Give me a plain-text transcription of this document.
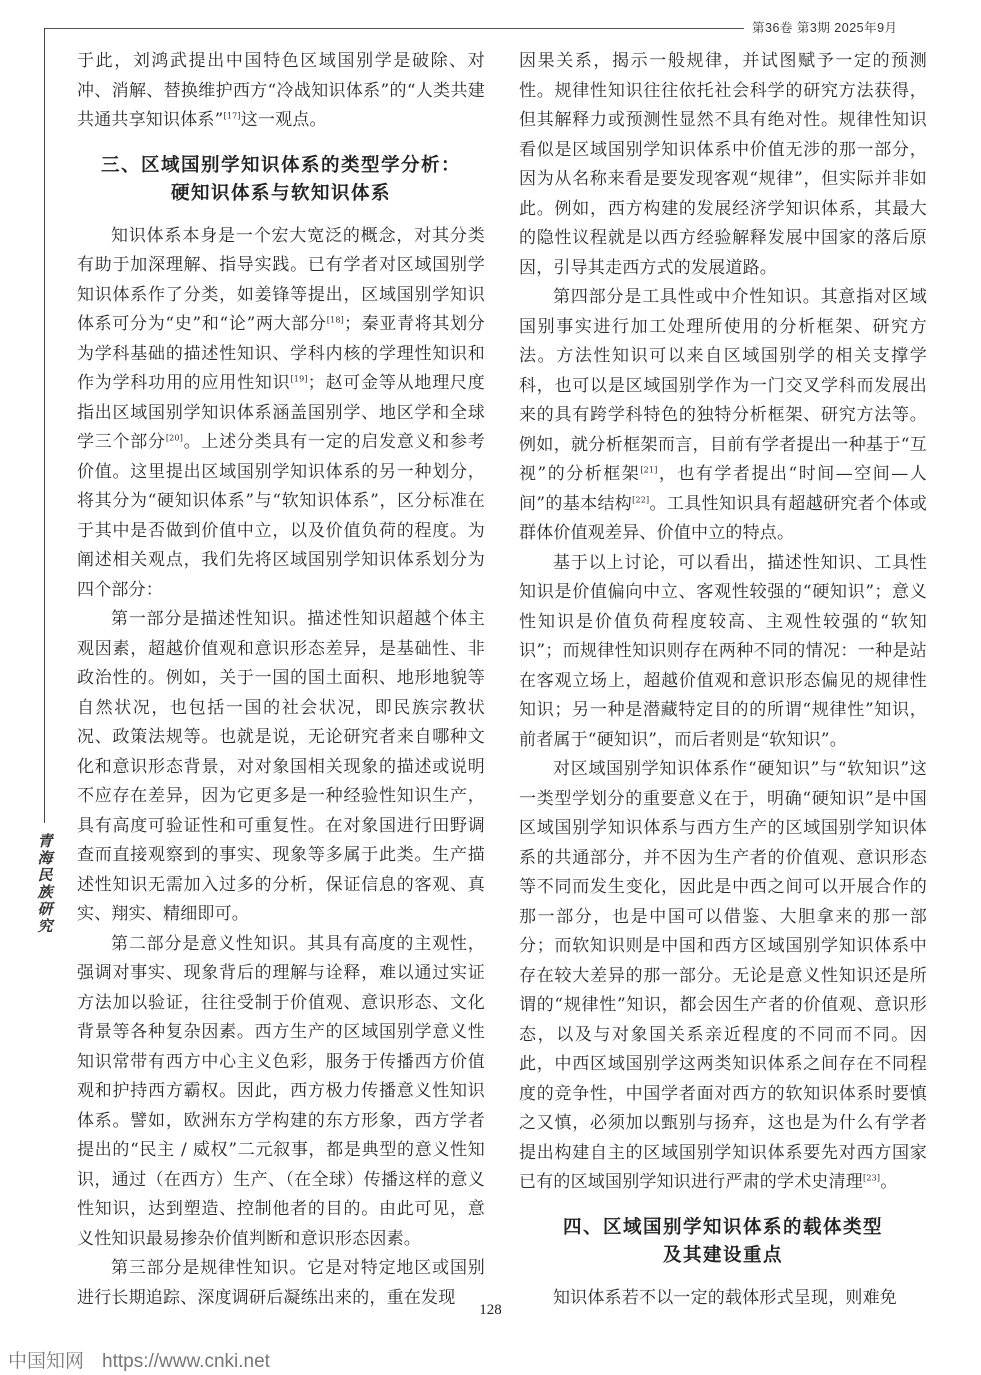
第36卷 第3期 2025年9月
青
海
民
族
研
究

于此，刘鸿武提出中国特色区域国别学是破除、对冲、消解、替换维护西方“冷战知识体系”的“人类共建共通共享知识体系”[17]这一观点。

三、区域国别学知识体系的类型学分析：
硬知识体系与软知识体系

知识体系本身是一个宏大宽泛的概念，对其分类有助于加深理解、指导实践。已有学者对区域国别学知识体系作了分类，如姜锋等提出，区域国别学知识体系可分为“史”和“论”两大部分[18]；秦亚青将其划分为学科基础的描述性知识、学科内核的学理性知识和作为学科功用的应用性知识[19]；赵可金等从地理尺度指出区域国别学知识体系涵盖国别学、地区学和全球学三个部分[20]。上述分类具有一定的启发意义和参考价值。这里提出区域国别学知识体系的另一种划分，将其分为“硬知识体系”与“软知识体系”，区分标准在于其中是否做到价值中立，以及价值负荷的程度。为阐述相关观点，我们先将区域国别学知识体系划分为四个部分：

第一部分是描述性知识。描述性知识超越个体主观因素，超越价值观和意识形态差异，是基础性、非政治性的。例如，关于一国的国土面积、地形地貌等自然状况，也包括一国的社会状况，即民族宗教状况、政策法规等。也就是说，无论研究者来自哪种文化和意识形态背景，对对象国相关现象的描述或说明不应存在差异，因为它更多是一种经验性知识生产，具有高度可验证性和可重复性。在对象国进行田野调查而直接观察到的事实、现象等多属于此类。生产描述性知识无需加入过多的分析，保证信息的客观、真实、翔实、精细即可。

第二部分是意义性知识。其具有高度的主观性，强调对事实、现象背后的理解与诠释，难以通过实证方法加以验证，往往受制于价值观、意识形态、文化背景等各种复杂因素。西方生产的区域国别学意义性知识常带有西方中心主义色彩，服务于传播西方价值观和护持西方霸权。因此，西方极力传播意义性知识体系。譬如，欧洲东方学构建的东方形象，西方学者提出的“民主 / 威权”二元叙事，都是典型的意义性知识，通过（在西方）生产、（在全球）传播这样的意义性知识，达到塑造、控制他者的目的。由此可见，意义性知识最易掺杂价值判断和意识形态因素。

第三部分是规律性知识。它是对特定地区或国别进行长期追踪、深度调研后凝练出来的，重在发现

因果关系，揭示一般规律，并试图赋予一定的预测性。规律性知识往往依托社会科学的研究方法获得，但其解释力或预测性显然不具有绝对性。规律性知识看似是区域国别学知识体系中价值无涉的那一部分，因为从名称来看是要发现客观“规律”，但实际并非如此。例如，西方构建的发展经济学知识体系，其最大的隐性议程就是以西方经验解释发展中国家的落后原因，引导其走西方式的发展道路。

第四部分是工具性或中介性知识。其意指对区域国别事实进行加工处理所使用的分析框架、研究方法。方法性知识可以来自区域国别学的相关支撑学科，也可以是区域国别学作为一门交叉学科而发展出来的具有跨学科特色的独特分析框架、研究方法等。例如，就分析框架而言，目前有学者提出一种基于“互视”的分析框架[21]，也有学者提出“时间—空间—人间”的基本结构[22]。工具性知识具有超越研究者个体或群体价值观差异、价值中立的特点。

基于以上讨论，可以看出，描述性知识、工具性知识是价值偏向中立、客观性较强的“硬知识”；意义性知识是价值负荷程度较高、主观性较强的“软知识”；而规律性知识则存在两种不同的情况：一种是站在客观立场上，超越价值观和意识形态偏见的规律性知识；另一种是潜藏特定目的的所谓“规律性”知识，前者属于“硬知识”，而后者则是“软知识”。

对区域国别学知识体系作“硬知识”与“软知识”这一类型学划分的重要意义在于，明确“硬知识”是中国区域国别学知识体系与西方生产的区域国别学知识体系的共通部分，并不因为生产者的价值观、意识形态等不同而发生变化，因此是中西之间可以开展合作的那一部分，也是中国可以借鉴、大胆拿来的那一部分；而软知识则是中国和西方区域国别学知识体系中存在较大差异的那一部分。无论是意义性知识还是所谓的“规律性”知识，都会因生产者的价值观、意识形态，以及与对象国关系亲近程度的不同而不同。因此，中西区域国别学这两类知识体系之间存在不同程度的竞争性，中国学者面对西方的软知识体系时要慎之又慎，必须加以甄别与扬弃，这也是为什么有学者提出构建自主的区域国别学知识体系要先对西方国家已有的区域国别学知识进行严肃的学术史清理[23]。

四、区域国别学知识体系的载体类型
及其建设重点

知识体系若不以一定的载体形式呈现，则难免

128
中国知网 https://www.cnki.net
